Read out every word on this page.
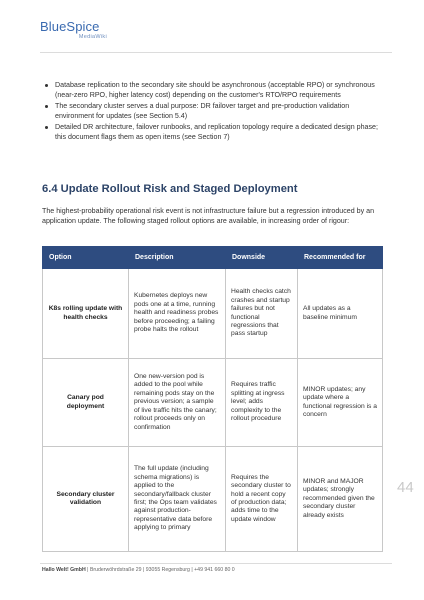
BlueSpice
MediaWiki
Database replication to the secondary site should be asynchronous (acceptable RPO) or synchronous (near-zero RPO, higher latency cost) depending on the customer's RTO/RPO requirements
The secondary cluster serves a dual purpose: DR failover target and pre-production validation environment for updates (see Section 5.4)
Detailed DR architecture, failover runbooks, and replication topology require a dedicated design phase; this document flags them as open items (see Section 7)
6.4 Update Rollout Risk and Staged Deployment

The highest-probability operational risk event is not infrastructure failure but a regression introduced by an application update. The following staged rollout options are available, in increasing order of rigour:

Option	Description	Downside	Recommended for
K8s rolling update with health checks	Kubernetes deploys new pods one at a time, running health and readiness probes before proceeding; a failing probe halts the rollout	Health checks catch crashes and startup failures but not functional regressions that pass startup	All updates as a baseline minimum
Canary pod deployment	One new-version pod is added to the pool while remaining pods stay on the previous version; a sample of live traffic hits the canary; rollout proceeds only on confirmation	Requires traffic splitting at ingress level; adds complexity to the rollout procedure	MINOR updates; any update where a functional regression is a concern
Secondary cluster validation	The full update (including schema migrations) is applied to the secondary/fallback cluster first; the Ops team validates against production-representative data before applying to primary	Requires the secondary cluster to hold a recent copy of production data; adds time to the update window	MINOR and MAJOR updates; strongly recommended given the secondary cluster already exists
44
Hallo Welt! GmbH | Bruderwöhrdstraße 29 | 93055 Regensburg | +49 941 660 80 0
